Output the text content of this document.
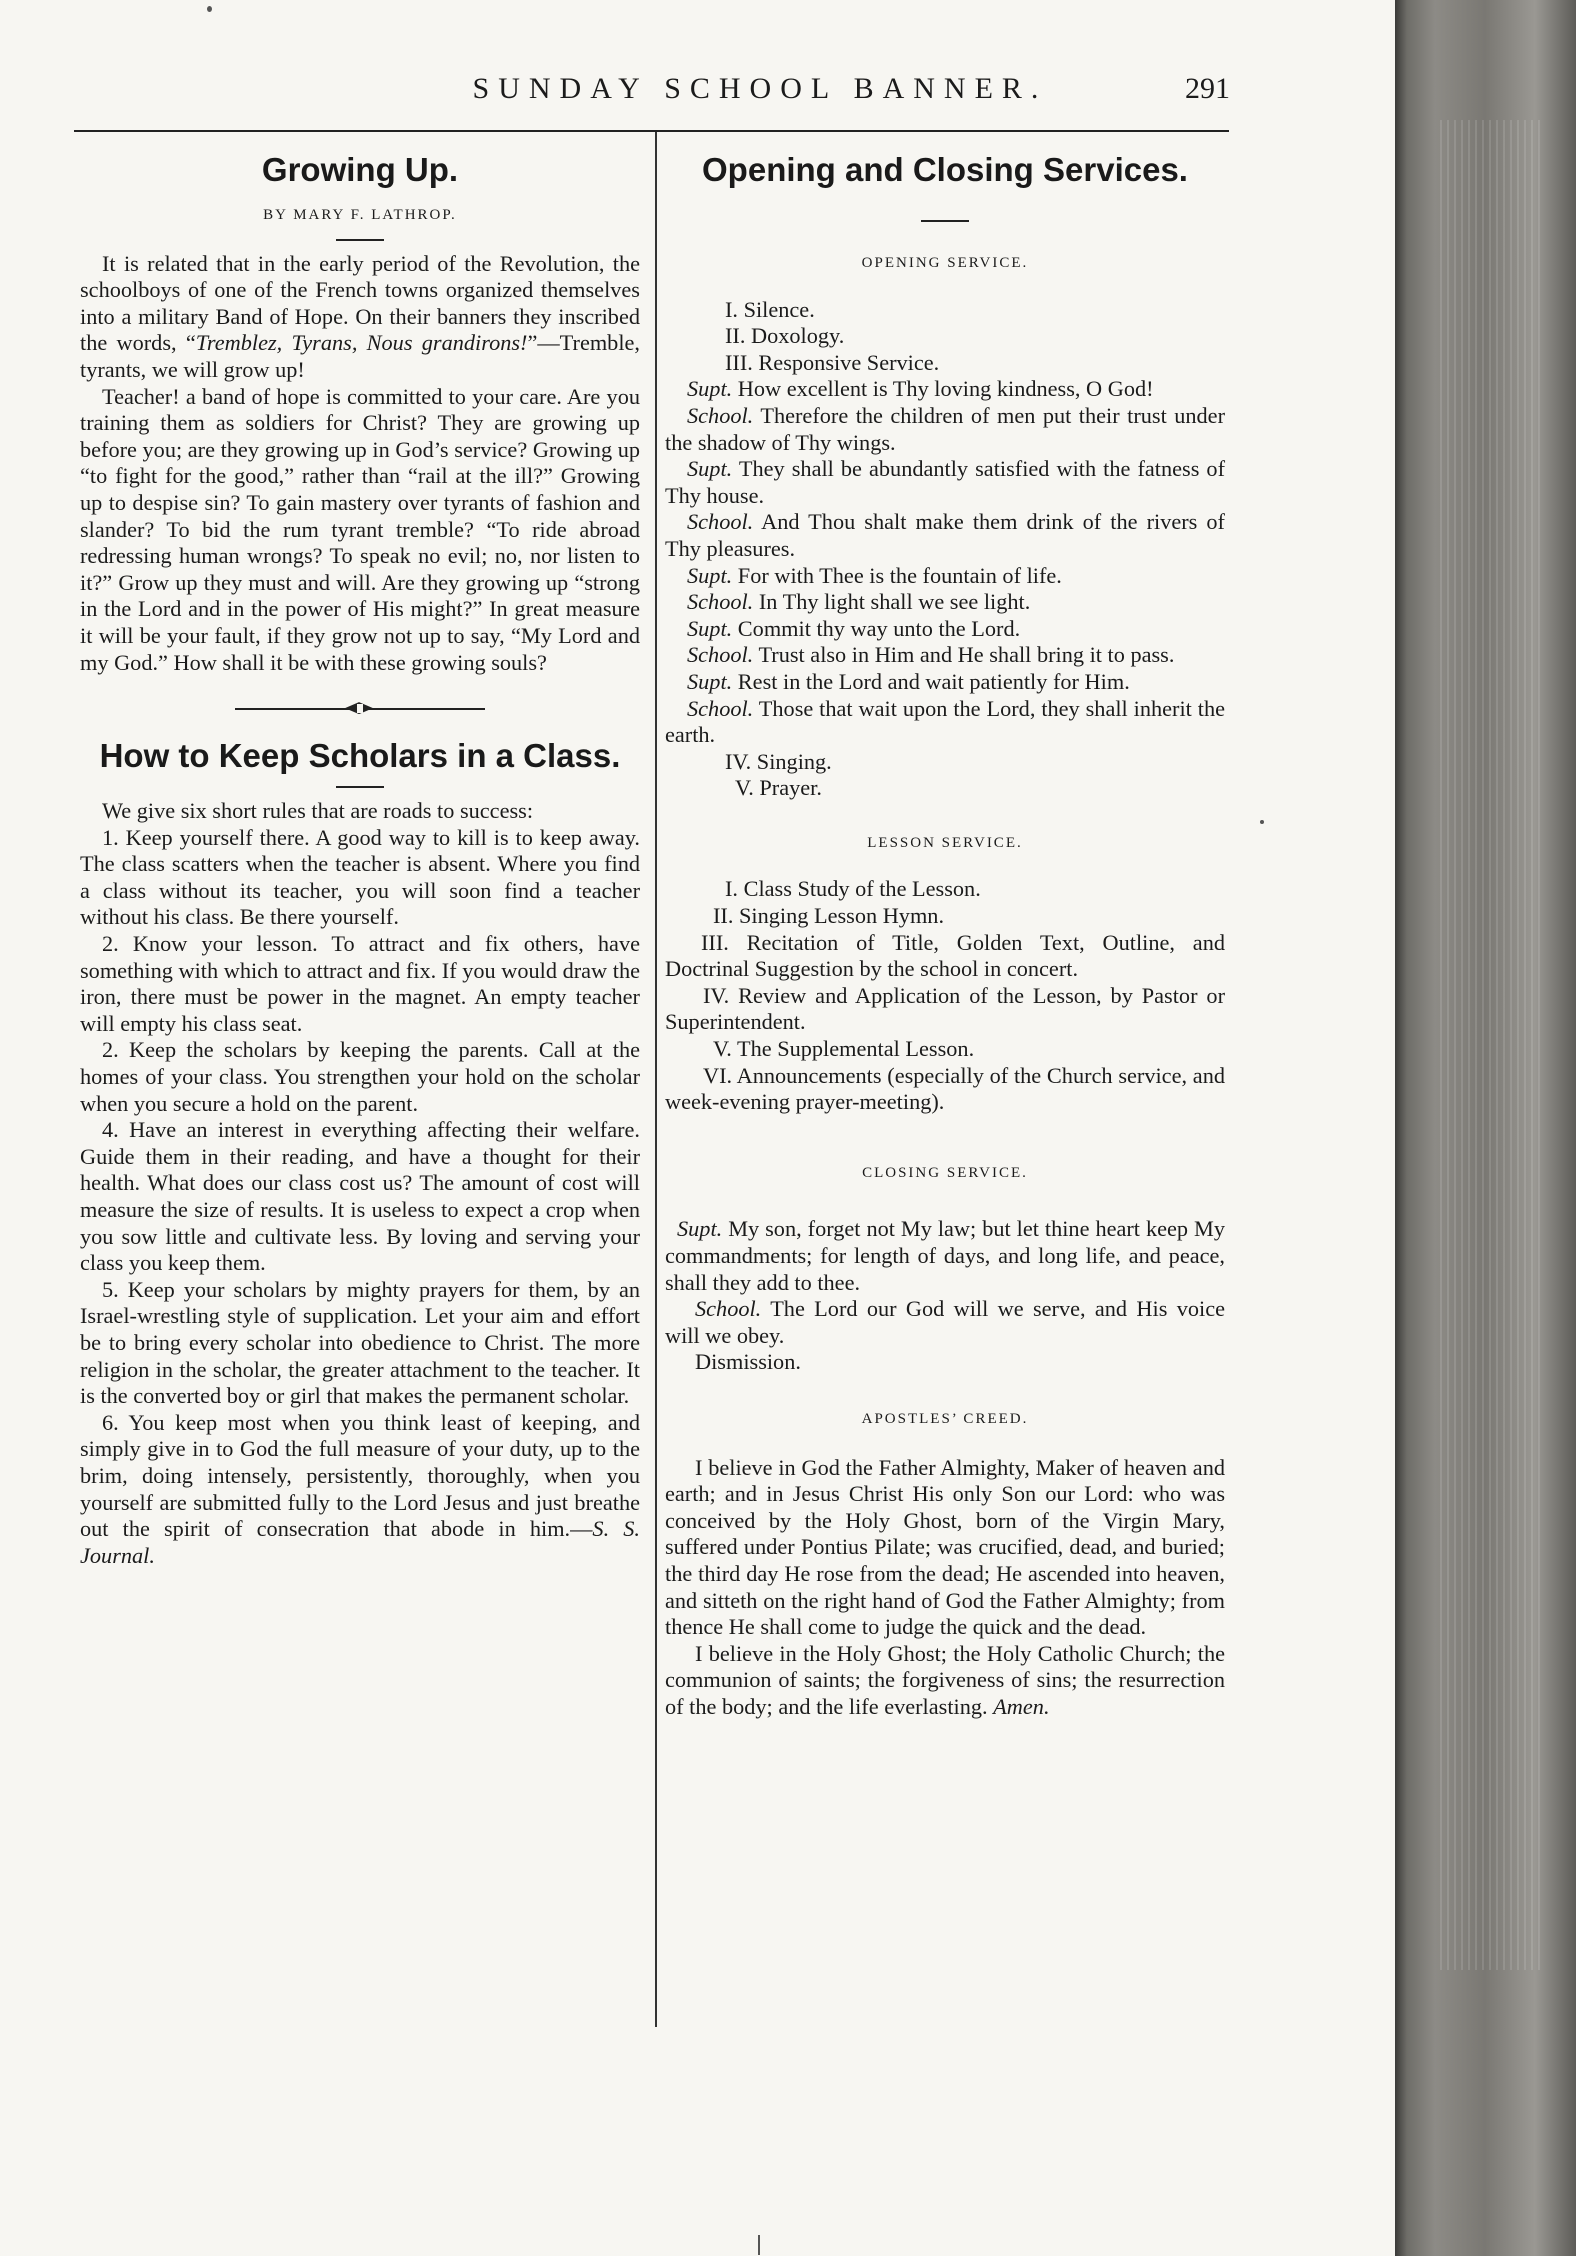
SUNDAY SCHOOL BANNER.	291
Growing Up.
BY MARY F. LATHROP.

It is related that in the early period of the Revolution, the schoolboys of one of the French towns organized themselves into a military Band of Hope. On their banners they inscribed the words, “Tremblez, Tyrans, Nous grandirons!”—Tremble, tyrants, we will grow up!

Teacher! a band of hope is committed to your care. Are you training them as soldiers for Christ? They are growing up before you; are they growing up in God’s service? Growing up “to fight for the good,” rather than “rail at the ill?” Growing up to despise sin? To gain mastery over tyrants of fashion and slander? To bid the rum tyrant tremble? “To ride abroad redressing human wrongs? To speak no evil; no, nor listen to it?” Grow up they must and will. Are they growing up “strong in the Lord and in the power of His might?” In great measure it will be your fault, if they grow not up to say, “My Lord and my God.” How shall it be with these growing souls?

How to Keep Scholars in a Class.

We give six short rules that are roads to success:

1. Keep yourself there. A good way to kill is to keep away. The class scatters when the teacher is absent. Where you find a class without its teacher, you will soon find a teacher without his class. Be there yourself.

2. Know your lesson. To attract and fix others, have something with which to attract and fix. If you would draw the iron, there must be power in the magnet. An empty teacher will empty his class seat.

2. Keep the scholars by keeping the parents. Call at the homes of your class. You strengthen your hold on the scholar when you secure a hold on the parent.

4. Have an interest in everything affecting their welfare. Guide them in their reading, and have a thought for their health. What does our class cost us? The amount of cost will measure the size of results. It is useless to expect a crop when you sow little and cultivate less. By loving and serving your class you keep them.

5. Keep your scholars by mighty prayers for them, by an Israel-wrestling style of supplication. Let your aim and effort be to bring every scholar into obedience to Christ. The more religion in the scholar, the greater attachment to the teacher. It is the converted boy or girl that makes the permanent scholar.

6. You keep most when you think least of keeping, and simply give in to God the full measure of your duty, up to the brim, doing intensely, persistently, thoroughly, when you yourself are submitted fully to the Lord Jesus and just breathe out the spirit of consecration that abode in him.—S. S. Journal.

Opening and Closing Services.
OPENING SERVICE.

I. Silence.

II. Doxology.

III. Responsive Service.

Supt. How excellent is Thy loving kindness, O God!

School. Therefore the children of men put their trust under the shadow of Thy wings.

Supt. They shall be abundantly satisfied with the fatness of Thy house.

School. And Thou shalt make them drink of the rivers of Thy pleasures.

Supt. For with Thee is the fountain of life.

School. In Thy light shall we see light.

Supt. Commit thy way unto the Lord.

School. Trust also in Him and He shall bring it to pass.

Supt. Rest in the Lord and wait patiently for Him.

School. Those that wait upon the Lord, they shall inherit the earth.

IV. Singing.

V. Prayer.

LESSON SERVICE.

I. Class Study of the Lesson.

II. Singing Lesson Hymn.

III. Recitation of Title, Golden Text, Outline, and Doctrinal Suggestion by the school in concert.

IV. Review and Application of the Lesson, by Pastor or Superintendent.

V. The Supplemental Lesson.

VI. Announcements (especially of the Church service, and week-evening prayer-meeting).

CLOSING SERVICE.

Supt. My son, forget not My law; but let thine heart keep My commandments; for length of days, and long life, and peace, shall they add to thee.

School. The Lord our God will we serve, and His voice will we obey.

Dismission.

APOSTLES’ CREED.

I believe in God the Father Almighty, Maker of heaven and earth; and in Jesus Christ His only Son our Lord: who was conceived by the Holy Ghost, born of the Virgin Mary, suffered under Pontius Pilate; was crucified, dead, and buried; the third day He rose from the dead; He ascended into heaven, and sitteth on the right hand of God the Father Almighty; from thence He shall come to judge the quick and the dead.

I believe in the Holy Ghost; the Holy Catholic Church; the communion of saints; the forgiveness of sins; the resurrection of the body; and the life everlasting. Amen.
